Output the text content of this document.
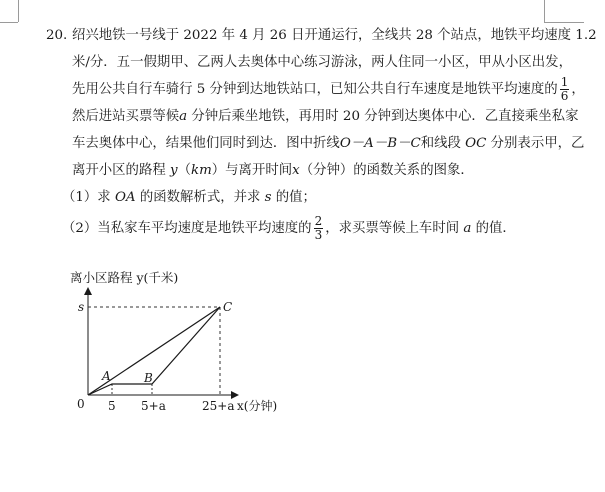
20. 绍兴地铁一号线于 2022 年 4 月 26 日开通运行，全线共 28 个站点，地铁平均速度 1.2
米/分．五一假期甲、乙两人去奥体中心练习游泳，两人住同一小区，甲从小区出发，
先用公共自行车骑行 5 分钟到达地铁站口，已知公共自行车速度是地铁平均速度的 $\frac{1}{6}$ ，
然后进站买票等候a 分钟后乘坐地铁，再用时 20 分钟到达奥体中心．乙直接乘坐私家
车去奥体中心，结果他们同时到达．图中折线O－A－B－C和线段 OC 分别表示甲，乙
离开小区的路程 y（km）与离开时间x（分钟）的函数关系的图象．
（1）求 OA 的函数解析式，并求 s 的值；
（2）当私家车平均速度是地铁平均速度的 $\frac{2}{3}$ ，求买票等候上车时间 a 的值．
离小区路程 y(千米)
s
0
A	B
C
5 5+a	25+a x(分钟)
